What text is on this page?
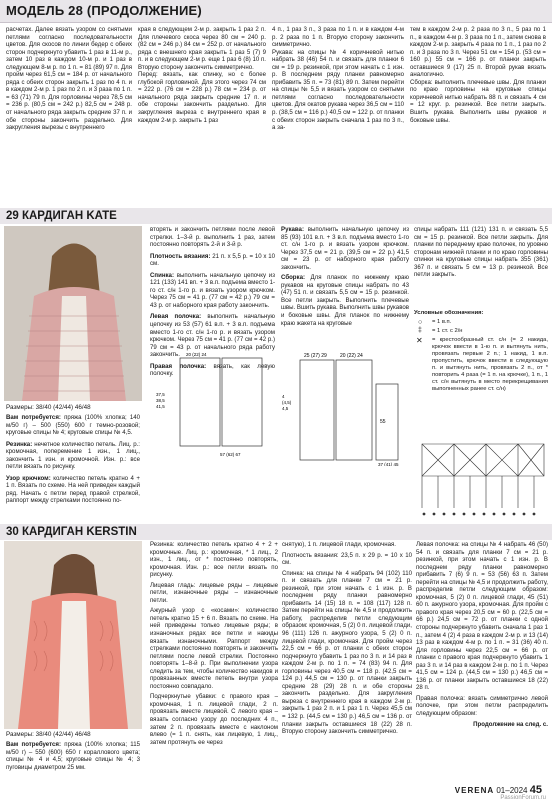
МОДЕЛЬ 28 (ПРОДОЛЖЕНИЕ)

расчетах. Далее вязать узором со снятыми петлями согласно последовательности цветов. Для скосов по линии бедер с обеих сторон подчеркнуто убавить 1 раз в 11-м р., затем 10 раз в каждом 10-м р. и 1 раз в следующем 8-м р. по 1 п. = 81 (89) 97 п. Для пройм через 61,5 см = 184 р. от начального ряда с обеих сторон закрыть 1 раз по 4 п. и в каждом 2-м р. 1 раз по 2 п. и 3 раза по 1 п. = 63 (71) 79 п. Для горловины через 78,5 см = 236 р. (80,5 см = 242 р.) 82,5 см = 248 р. от начального ряда закрыть средние 37 п. и обе стороны закончить раздельно. Для закругления вырезы с внутреннего

края в следующем 2-м р. закрыть 1 раз 2 п. Для плечевого скоса через 80 см = 240 р. (82 см = 246 р.) 84 см = 252 р. от начального ряда с внешнего края закрыть 1 раз 5 (7) 9 п. и в следующем 2-м р. еще 1 раз 6 (8) 10 п. Вторую сторону закончить симметрично.

Перед: вязать, как спинку, но с более глубокой горловиной. Для этого через 74 см = 222 р. (76 см = 228 р.) 78 см = 234 р. от начального ряда закрыть средние 17 п. и обе стороны закончить раздельно. Для закругления выреза с внутреннего края в каждом 2-м р. закрыть 1 раз

4 п., 1 раз 3 п., 3 раза по 1 п. и в каждом 4-м р. 2 раза по 1 п. Вторую сторону закончить симметрично.

Рукава: на спицы № 4 коричневой нитью набрать 38 (46) 54 п. и связать для планки 6 см = 19 р. резинкой, при этом начать с 1 изн. р. В последнем ряду планки равномерно прибавить 35 п. = 73 (81) 89 п. Затем перейти на спицы № 5,5 и вязать узором со снятыми петлями согласно последовательности цветов. Для окатов рукава через 36,5 см = 110 р. (38,5 см = 116 р.) 40,5 см = 122 р. от планки с обеих сторон закрыть сначала 1 раз по 3 п., а за-

тем в каждом 2-м р. 2 раза по 3 п., 5 раз по 1 п., в каждом 4-м р. 3 раза по 1 п., затем снова в каждом 2-м р. закрыть 4 раза по 1 п., 1 раз по 2 п. и 3 раза по 3 п. Через 51 см = 154 р. (53 см = 160 р.) 55 см = 166 р. от планки закрыть оставшиеся 9 (17) 25 п. Второй рукав вязать аналогично.

Сборка: выполнить плечевые швы. Для планки по краю горловины на круговые спицы коричневой нитью набрать 88 п. и связать 4 см = 12 круг. р. резинкой. Все петли закрыть. Вшить рукава. Выполнить швы рукавов и боковые швы.

29 КАРДИГАН KATE
Размеры: 38/40 (42/44) 46/48

Вам потребуется: пряжа (100% хлопка; 140 м/50 г) – 500 (550) 600 г темно-розовой; круговые спицы № 4; круговые спицы № 4,5.

Резинка: нечетное количество петель. Лиц. р.: кромочная, поперемение 1 изн., 1 лиц., закончить 1 изн. и кромочной. Изн. р.: все петли вязать по рисунку.

Узор крючком: количество петель кратно 4 + 1 п. Вязать по схеме. На ней приведен каждый ряд. Начать с петли перед правой стрелкой, раппорт между стрелками постоянно по-

вторять и закончить петлями после левой стрелки. 1–3-й р. выполнить 1 раз, затем постоянно повторять 2-й и 3-й р.

Плотность вязания: 21 п. x 5,5 р. = 10 x 10 см.

Спинка: выполнить начальную цепочку из 121 (133) 141 вп. + 3 в.п. подъема вместо 1-го ст. с/н 1-го р. и вязать узором крючком. Через 75 см = 41 р. (77 см = 42 р.) 79 см = 43 р. от наборного края работу закончить.

Левая полочка: выполнить начальную цепочку из 53 (57) 61 в.п. + 3 в.п. подъема вместо 1-го ст. с/н 1-го р. и вязать узором крючком. Через 75 см = 41 р. (77 см = 42 р.) 79 см = 43 р. от начального ряда работу закончить.

Правая полочка: вязать, как левую полочку.

Рукава: выполнить начальную цепочку из 85 (93) 101 в.п. + 3 в.п. подъема вместо 1-го ст. с/н 1-го р. и вязать узором крючком. Через 37,5 см = 21 р. (39,5 см = 22 р.) 41,5 см = 23 р. от наборного края работу закончить.

Сборка: Для планок по нижнему краю рукавов на круговые спицы набрать по 43 (47) 51 п. и связать 5,5 см = 15 р. резинкой. Все петли закрыть. Выполнить плечевые швы. Вшить рукава. Выполнить швы рукавов и боковые швы. Для планок по нижнему краю жакета на круговые

спицы набрать 111 (121) 131 п. и связать 5,5 см = 15 р. резинкой. Все петли закрыть. Для планки по переднему краю полочек, по уровню сторонам нижней планки и по краю горловины спинки на круговые спицы набрать 355 (361) 367 п. и связать 5 см = 13 р. резинкой. Все петли закрыть.

Условные обозначения:

○ = 1 в.п.

‡ = 1 ст. с 2/н

✕ = крестообразный ст. с/н (= 2 накида, крючок ввести в 1-ю п. и вытянуть нить, провязать первые 2 п.; 1 накид, 1 в.п. пропустить, крючок ввести в следующую п. и вытянуть нить, провязать 2 п., от * повторить 4 раза (= 1 п. на крючке), 1 п., 1 ст. с/н вытянуть в место перекрещивания выполненных ранее ст. с/н)

25 (27) 29	20 (22) 24
4
(4,5)
4,5
55
37 (41) 45
20 (22) 24
37,5
38,5
41,5
57 (62) 67
30 КАРДИГАН KERSTIN
Размеры: 38/40 (42/44) 46/48

Вам потребуется: пряжа (100% хлопка; 115 м/50 г) – 550 (600) 650 г кораллового цвета; спицы № 4 и 4,5; круговые спицы № 4; 3 пуговицы диаметром 25 мм.

Резинка: количество петель кратно 4 + 2 + кромочные. Лиц. р.: кромочная, * 1 лиц., 2 изн., 1 лиц., от * постоянно повторять, кромочная. Изн. р.: все петли вязать по рисунку.

Лицевая гладь: лицевые ряды – лицевые петли, изнаночные ряды – изнаночные петли.

Ажурный узор с «косами»: количество петель кратно 15 + 6 п. Вязать по схеме. На ней приведены только лицевые ряды; в изнаночных рядах все петли и накиды вязать изнаночными. Раппорт между стрелками постоянно повторять и закончить петлями после левой стрелки. Постоянно повторять 1–8-й р. При выполнении узора следить за тем, чтобы количество накидов и провязанных вместе петель внутри узора постоянно совпадало.

Подчеркнутые убавки: с правого края – кромочная, 1 п. лицевой глади, 2 п. провязать вместе лицевой. С левого края – вязать согласно узору до последних 4 п., затем 2 п. провязать вместе с наклоном влево (= 1 п. снять, как лицевую, 1 лиц., затем протянуть ее через

снятую), 1 п. лицевой глади, кромочная.

Плотность вязания: 23,5 п. x 29 р. = 10 x 10 см.

Спинка: на спицы № 4 набрать 94 (102) 110 п. и связать для планки 7 см = 21 р. резинкой, при этом начать с 1 изн. р. В последнем ряду планки равномерно прибавить 14 (15) 18 п. = 108 (117) 128 п. Затем перейти на спицы № 4,5 и продолжить работу, распределив петли следующим образом: кромочная, 5 (2) 0 п. лицевой глади, 96 (111) 126 п. ажурного узора, 5 (2) 0 п. лицевой глади, кромочная. Для пройм через 22,5 см = 66 р. от планки с обеих сторон подчеркнуто убавить 1 раз по 3 п. и 14 раз в каждом 2-м р. по 1 п. = 74 (83) 94 п. Для горловины через 40,5 см = 118 р. (42,5 см = 124 р.) 44,5 см = 130 р. от планки закрыть средние 28 (29) 28 п. и обе стороны закончить раздельно. Для закругления выреза с внутреннего края в каждом 2-м р. закрыть 1 раз 2 п. и 1 раз 1 п. Через 45,5 см = 132 р. (44,5 см = 130 р.) 46,5 см = 136 р. от планки закрыть оставшиеся 18 (22) 28 п. Вторую сторону закончить симметрично.

Левая полочка: на спицы № 4 набрать 46 (50) 54 п. и связать для планки 7 см = 21 р. резинкой, при этом начать с 1 изн. р. В последнем ряду планки равномерно прибавить 7 (6) 9 п. = 53 (56) 63 п. Затем перейти на спицы № 4,5 и продолжить работу, распределив петли следующим образом: кромочная, 5 (2) 0 п. лицевой глади, 45 (51) 60 п. ажурного узора, кромочная. Для пройм с правого края через 20,5 см = 60 р. (22,5 см = 66 р.) 24,5 см = 72 р. от планки с одной стороны подчеркнуто убавить сначала 1 раз 1 п., затем 4 (2) 4 раза в каждом 2-м р. и 13 (14) 13 раз в каждом 4-м р. по 1 п. = 31 (36) 40 п. Для горловины через 22,5 см = 66 р. от планки с правого края подчеркнуто убавить 1 раз 3 п. и 14 раз в каждом 2-м р. по 1 п. Через 41,5 см = 124 р. (44,5 см = 130 р.) 46,5 см = 136 р. от планки закрыть оставшиеся 18 (22) 28 п.

Правая полочка: вязать симметрично левой полочке, при этом петли распределить следующим образом:

Продолжение на след. с.

VERENA 01–2024 45
PassionForum.ru
